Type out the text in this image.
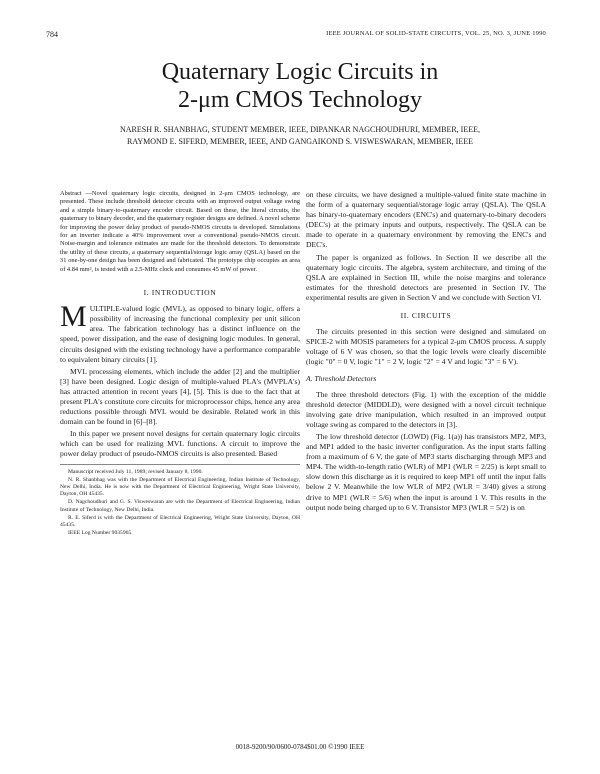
784	IEEE JOURNAL OF SOLID-STATE CIRCUITS, VOL. 25, NO. 3, JUNE 1990
Quaternary Logic Circuits in
2-μm CMOS Technology
NARESH R. SHANBHAG, STUDENT MEMBER, IEEE, DIPANKAR NAGCHOUDHURI, MEMBER, IEEE,
RAYMOND E. SIFERD, MEMBER, IEEE, AND GANGAIKOND S. VISWESWARAN, MEMBER, IEEE
Abstract —Novel quaternary logic circuits, designed in 2-μm CMOS technology, are presented. These include threshold detector circuits with an improved output voltage swing and a simple binary-to-quaternary encoder circuit. Based on these, the literal circuits, the quaternary to binary decoder, and the quaternary register designs are defined. A novel scheme for improving the power delay product of pseudo-NMOS circuits is developed. Simulations for an inverter indicate a 40% improvement over a conventional pseudo-NMOS circuit. Noise-margin and tolerance estimates are made for the threshold detectors. To demonstrate the utility of these circuits, a quaternary sequential/storage logic array (QSLA) based on the 31 one-by-one design has been designed and fabricated. The prototype chip occupies an area of 4.84 mm², is tested with a 2.5-MHz clock and consumes 45 mW of power.
I. INTRODUCTION

MULTIPLE-valued logic (MVL), as opposed to binary logic, offers a possibility of increasing the functional complexity per unit silicon area. The fabrication technology has a distinct influence on the speed, power dissipation, and the ease of designing logic modules. In general, circuits designed with the existing technology have a performance comparable to equivalent binary circuits [1].

MVL processing elements, which include the adder [2] and the multiplier [3] have been designed. Logic design of multiple-valued PLA's (MVPLA's) has attracted attention in recent years [4], [5]. This is due to the fact that at present PLA's constitute core circuits for microprocessor chips, hence any area reductions possible through MVL would be desirable. Related work in this domain can be found in [6]–[8].

In this paper we present novel designs for certain quaternary logic circuits which can be used for realizing MVL functions. A circuit to improve the power delay product of pseudo-NMOS circuits is also presented. Based

Manuscript received July 11, 1989; revised January 8, 1990.

N. R. Shanbhag was with the Department of Electrical Engineering, Indian Institute of Technology, New Delhi, India. He is now with the Department of Electrical Engineering, Wright State University, Dayton, OH 45435.

D. Nagchoudhuri and G. S. Visweswaran are with the Department of Electrical Engineering, Indian Institute of Technology, New Delhi, India.

R. E. Siferd is with the Department of Electrical Engineering, Wright State University, Dayton, OH 45435.

IEEE Log Number 9035965.

on these circuits, we have designed a multiple-valued finite state machine in the form of a quaternary sequential/storage logic array (QSLA). The QSLA has binary-to-quaternary encoders (ENC's) and quaternary-to-binary decoders (DEC's) at the primary inputs and outputs, respectively. The QSLA can be made to operate in a quaternary environment by removing the ENC's and DEC's.

The paper is organized as follows. In Section II we describe all the quaternary logic circuits. The algebra, system architecture, and timing of the QSLA are explained in Section III, while the noise margins and tolerance estimates for the threshold detectors are presented in Section IV. The experimental results are given in Section V and we conclude with Section VI.

II. CIRCUITS

The circuits presented in this section were designed and simulated on SPICE-2 with MOSIS parameters for a typical 2-μm CMOS process. A supply voltage of 6 V was chosen, so that the logic levels were clearly discernible (logic "0" = 0 V, logic "1" = 2 V, logic "2" = 4 V and logic "3" = 6 V).

A. Threshold Detectors

The three threshold detectors (Fig. 1) with the exception of the middle threshold detector (MIDDLD), were designed with a novel circuit technique involving gate drive manipulation, which resulted in an improved output voltage swing as compared to the detectors in [3].

The low threshold detector (LOWD) (Fig. 1(a)) has transistors MP2, MP3, and MP1 added to the basic inverter configuration. As the input starts falling from a maximum of 6 V, the gate of MP3 starts discharging through MP3 and MP4. The width-to-length ratio (WLR) of MP1 (WLR = 2/25) is kept small to slow down this discharge as it is required to keep MP1 off until the input falls below 2 V. Meanwhile the low WLR of MP2 (WLR = 3/40) gives a strong drive to MP1 (WLR = 5/6) when the input is around 1 V. This results in the output node being charged up to 6 V. Transistor MP3 (WLR = 5/2) is on

0018-9200/90/0600-0784$01.00 ©1990 IEEE
